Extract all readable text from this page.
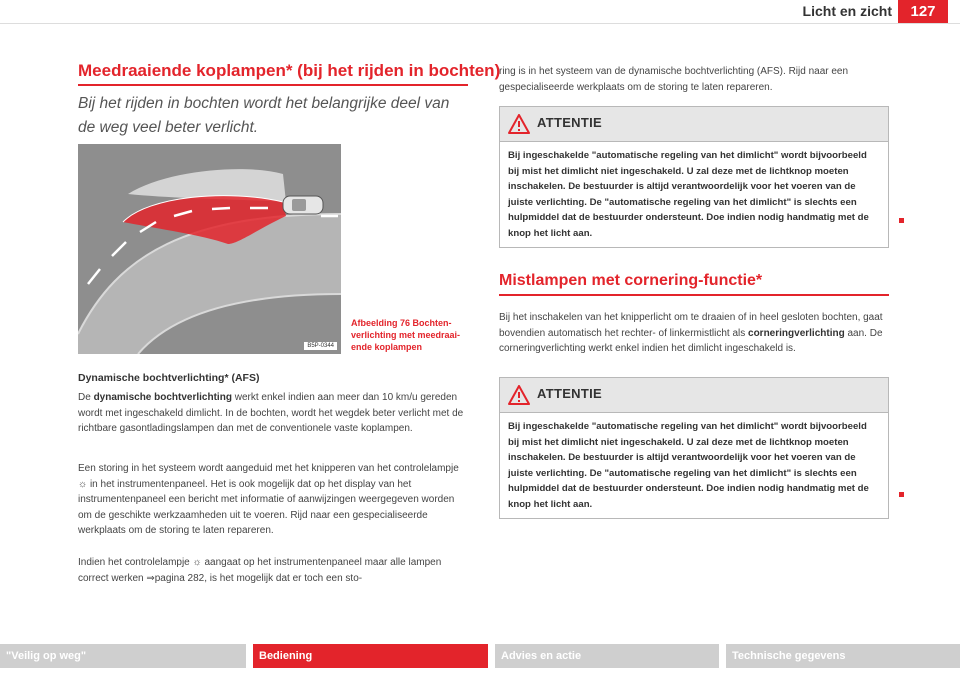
Licht en zicht	127
Meedraaiende koplampen* (bij het rijden in bochten)

Bij het rijden in bochten wordt het belangrijke deel van de weg veel beter verlicht.

B5P-0344

Afbeelding 76 Bochten-verlichting met meedraai-ende koplampen

Dynamische bochtverlichting* (AFS)

De dynamische bochtverlichting werkt enkel indien aan meer dan 10 km/u gereden wordt met ingeschakeld dimlicht. In de bochten, wordt het wegdek beter verlicht met de richtbare gasontladingslampen dan met de conventionele vaste koplampen.

Een storing in het systeem wordt aangeduid met het knipperen van het controlelampje ☼ in het instrumentenpaneel. Het is ook mogelijk dat op het display van het instrumentenpaneel een bericht met informatie of aanwijzingen weergegeven worden om de geschikte werkzaamheden uit te voeren. Rijd naar een gespecialiseerde werkplaats om de storing te laten repareren.

Indien het controlelampje ☼ aangaat op het instrumentenpaneel maar alle lampen correct werken ⇒pagina 282, is het mogelijk dat er toch een sto-

ring is in het systeem van de dynamische bochtverlichting (AFS). Rijd naar een gespecialiseerde werkplaats om de storing te laten repareren.

ATTENTIE

Bij ingeschakelde "automatische regeling van het dimlicht" wordt bijvoorbeeld bij mist het dimlicht niet ingeschakeld. U zal deze met de lichtknop moeten inschakelen. De bestuurder is altijd verantwoordelijk voor het voeren van de juiste verlichting. De "automatische regeling van het dimlicht" is slechts een hulpmiddel dat de bestuurder ondersteunt. Doe indien nodig handmatig met de knop het licht aan.

Mistlampen met cornering-functie*

Bij het inschakelen van het knipperlicht om te draaien of in heel gesloten bochten, gaat bovendien automatisch het rechter- of linkermistlicht als corneringverlichting aan. De corneringverlichting werkt enkel indien het dimlicht ingeschakeld is.

ATTENTIE

Bij ingeschakelde "automatische regeling van het dimlicht" wordt bijvoorbeeld bij mist het dimlicht niet ingeschakeld. U zal deze met de lichtknop moeten inschakelen. De bestuurder is altijd verantwoordelijk voor het voeren van de juiste verlichting. De "automatische regeling van het dimlicht" is slechts een hulpmiddel dat de bestuurder ondersteunt. Doe indien nodig handmatig met de knop het licht aan.

"Veilig op weg"	Bediening	Advies en actie	Technische gegevens
